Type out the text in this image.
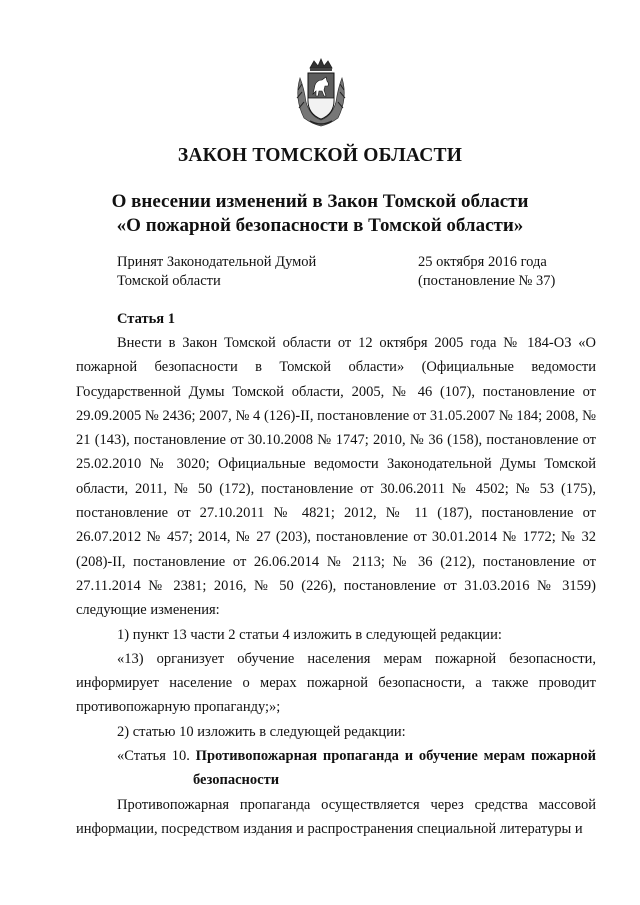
ЗАКОН ТОМСКОЙ ОБЛАСТИ
О внесении изменений в Закон Томской области
«О пожарной безопасности в Томской области»
Принят Законодательной Думой
Томской области
25 октября 2016 года
(постановление № 37)
Статья 1

Внести в Закон Томской области от 12 октября 2005 года № 184-ОЗ «О пожарной безопасности в Томской области» (Официальные ведомости Государственной Думы Томской области, 2005, № 46 (107), постановление от 29.09.2005 № 2436; 2007, № 4 (126)-II, постановление от 31.05.2007 № 184; 2008, № 21 (143), постановление от 30.10.2008 № 1747; 2010, № 36 (158), постановление от 25.02.2010 № 3020; Официальные ведомости Законодательной Думы Томской области, 2011, № 50 (172), постановление от 30.06.2011 № 4502; № 53 (175), постановление от 27.10.2011 № 4821; 2012, № 11 (187), постановление от 26.07.2012 № 457; 2014, № 27 (203), постановление от 30.01.2014 № 1772; № 32 (208)-II, постановление от 26.06.2014 № 2113; № 36 (212), постановление от 27.11.2014 № 2381; 2016, № 50 (226), постановление от 31.03.2016 № 3159) следующие изменения:

1) пункт 13 части 2 статьи 4 изложить в следующей редакции:

«13) организует обучение населения мерам пожарной безопасности, информирует население о мерах пожарной безопасности, а также проводит противопожарную пропаганду;»;

2) статью 10 изложить в следующей редакции:

«Статья 10. Противопожарная пропаганда и обучение мерам пожарной безопасности

Противопожарная пропаганда осуществляется через средства массовой информации, посредством издания и распространения специальной литературы и
